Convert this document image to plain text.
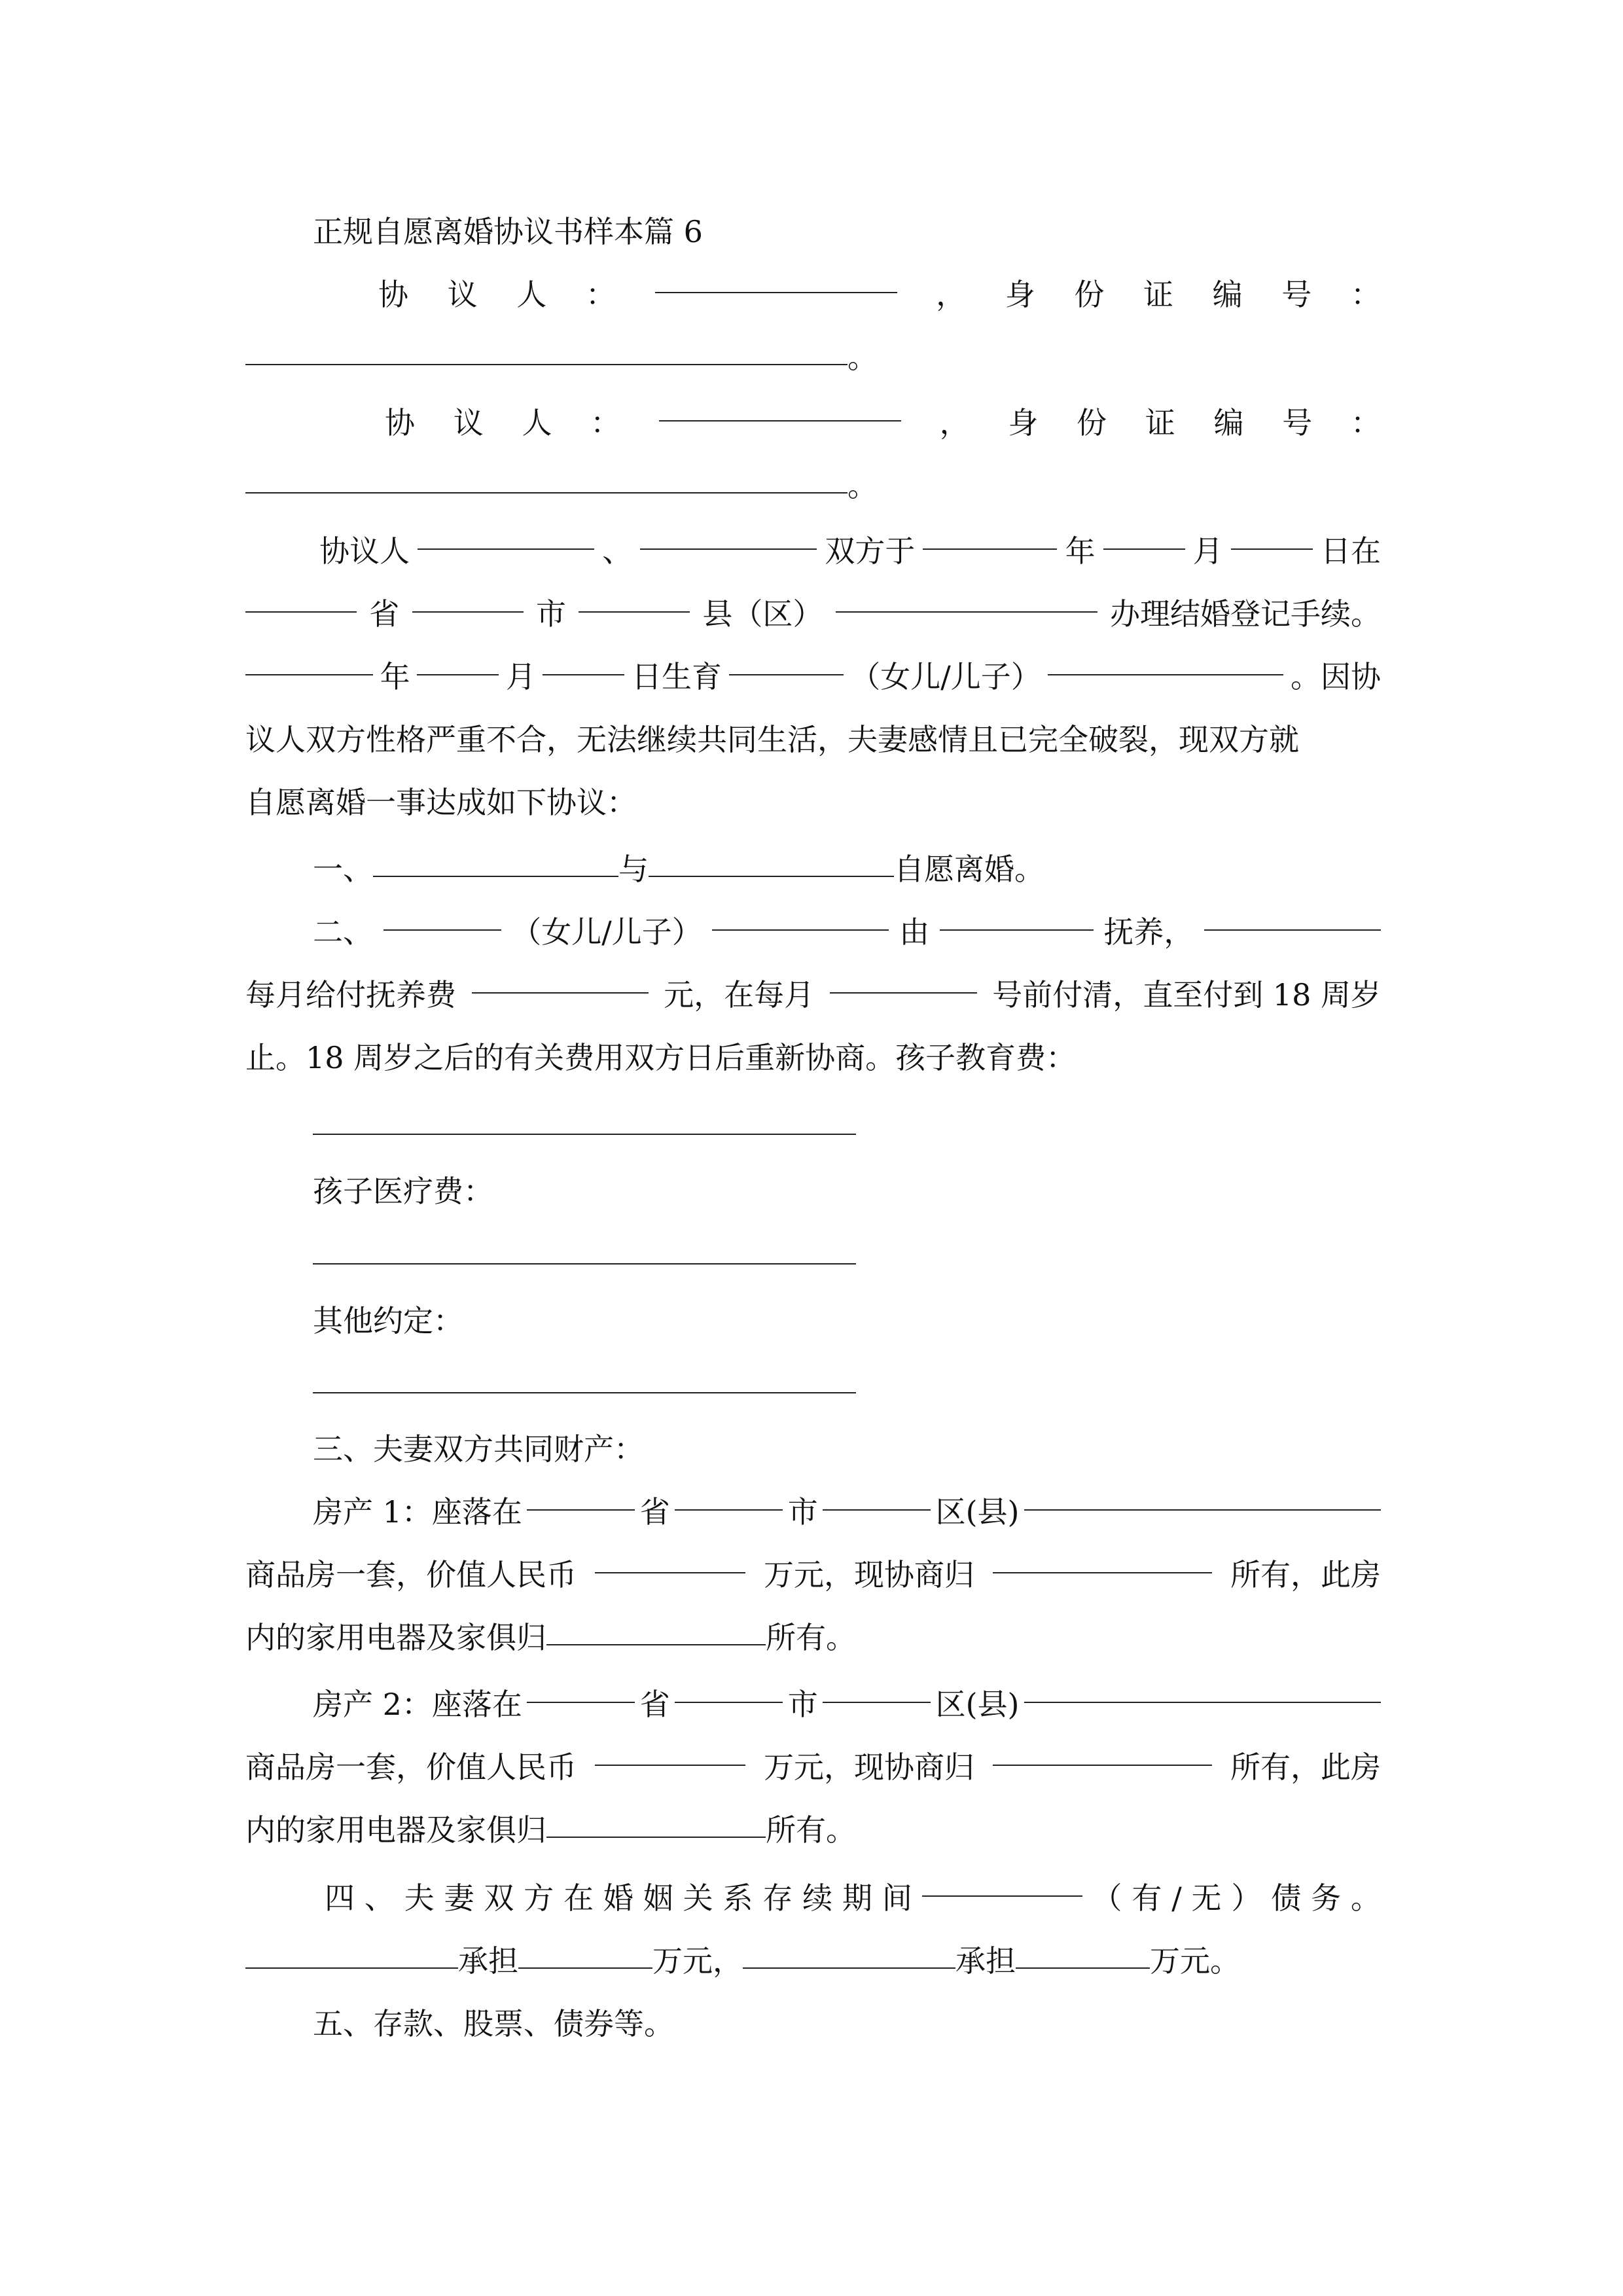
正规自愿离婚协议书样本篇 6
协 议 人 ：	， 身 份 证 编 号 ：
。
协 议 人 ：	， 身 份 证 编 号 ：
。
协议人	、	双方于	年	月	日在
省	市	县（区）	办理结婚登记手续。
年	月	日生育	（女儿/儿子）	。因协
议人双方性格严重不合，无法继续共同生活，夫妻感情且已完全破裂，现双方就
自愿离婚一事达成如下协议：
一、	与	自愿离婚。
二、	（女儿/儿子）	由	抚养，
每月给付抚养费	元，在每月	号前付清，直至付到 18 周岁
止。18 周岁之后的有关费用双方日后重新协商。孩子教育费：
孩子医疗费：
其他约定：
三、夫妻双方共同财产：
房产 1：座落在	省	市	区(县)
商品房一套，价值人民币	万元，现协商归	所有，此房
内的家用电器及家俱归	所有。
房产 2：座落在	省	市	区(县)
商品房一套，价值人民币	万元，现协商归	所有，此房
内的家用电器及家俱归	所有。
四 、 夫 妻 双 方 在 婚 姻 关 系 存 续 期 间	（ 有 / 无 ） 债 务 。
承担	万元，	承担	万元。
五、存款、股票、债券等。
